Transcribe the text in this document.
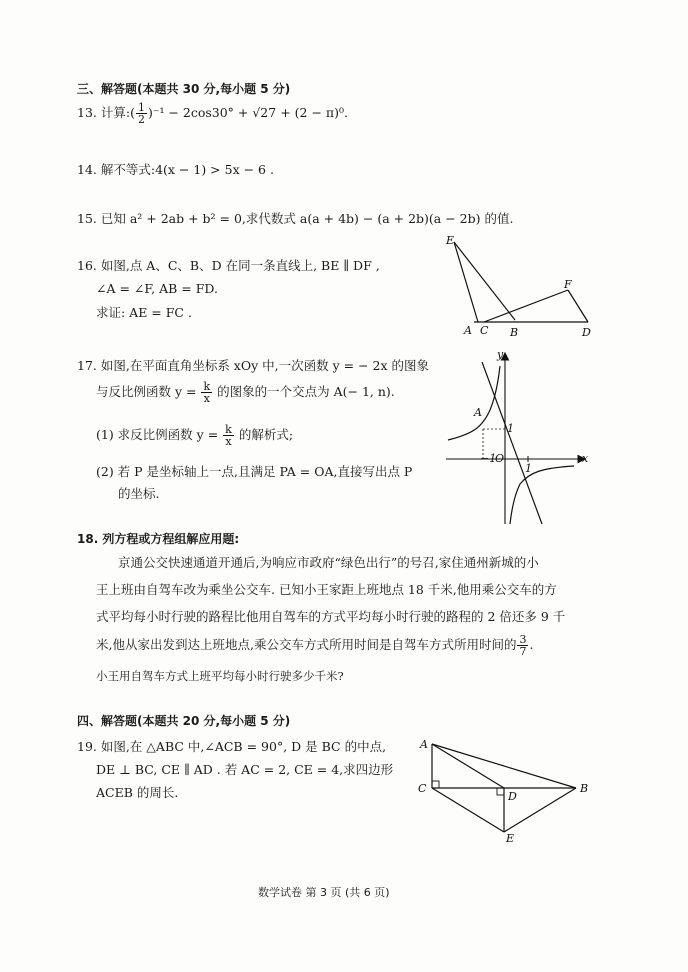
三、解答题(本题共 30 分,每小题 5 分)
13. 计算:( $\frac{1}{2} )^{-1} - 2\cos 30^\circ + √27 + (2 - \pi)^0$.
14. 解不等式:4(x − 1) > 5x − 6 .
15. 已知 a² + 2ab + b² = 0,求代数式 a(a + 4b) − (a + 2b)(a − 2b) 的值.
16. 如图,点 A、C、B、D 在同一条直线上, BE ∥ DF ,
∠A = ∠F, AB = FD.
求证: AE = FC .
E
F
A C B	D
17. 如图,在平面直角坐标系 xOy 中,一次函数 y = − 2x 的图象
与反比例函数 $y = \frac{k}{x}$ 的图象的一个交点为 A(− 1, n).
(1) 求反比例函数 $y = \frac{k}{x}$ 的解析式;
(2) 若 P 是坐标轴上一点,且满足 PA = OA,直接写出点 P
的坐标.
y
x
A
1
−1
O
1
18. 列方程或方程组解应用题:
京通公交快速通道开通后,为响应市政府“绿色出行”的号召,家住通州新城的小
王上班由自驾车改为乘坐公交车. 已知小王家距上班地点 18 千米,他用乘公交车的方
式平均每小时行驶的路程比他用自驾车的方式平均每小时行驶的路程的 2 倍还多 9 千
米,他从家出发到达上班地点,乘公交车方式所用时间是自驾车方式所用时间的 $\frac{3}{7}$ .
小王用自驾车方式上班平均每小时行驶多少千米?
四、解答题(本题共 20 分,每小题 5 分)
19. 如图,在 △ABC 中,∠ACB = 90°, D 是 BC 的中点,
DE ⊥ BC, CE ∥ AD . 若 AC = 2, CE = 4,求四边形
ACEB 的周长.
A
C
D
B
E
数学试卷 第 3 页 (共 6 页)
